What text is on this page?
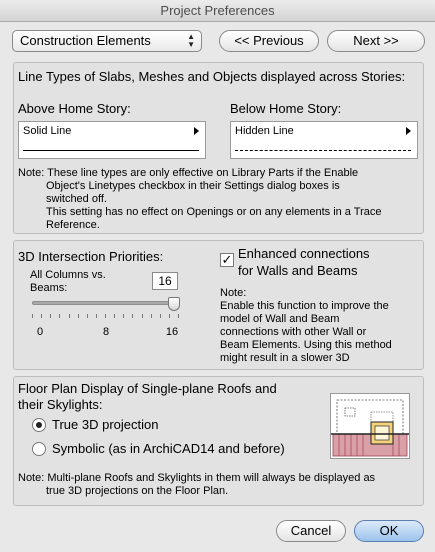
Project Preferences
Construction Elements	▲
▼	<< Previous	Next >>
Line Types of Slabs, Meshes and Objects displayed across Stories:
Above Home Story:	Below Home Story:
Solid Line	Hidden Line
Note: These line types are only effective on Library Parts if the Enable
Object's Linetypes checkbox in their Settings dialog boxes is
switched off.
This setting has no effect on Openings or on any elements in a Trace
Reference.
3D Intersection Priorities:
All Columns vs.
Beams:	16
0	8	16
✓ Enhanced connections
for Walls and Beams
Note:
Enable this function to improve the
model of Wall and Beam
connections with other Wall or
Beam Elements. Using this method
might result in a slower 3D
Floor Plan Display of Single-plane Roofs and
their Skylights:
True 3D projection
Symbolic (as in ArchiCAD14 and before)
Note: Multi-plane Roofs and Skylights in them will always be displayed as
true 3D projections on the Floor Plan.
Cancel	OK
